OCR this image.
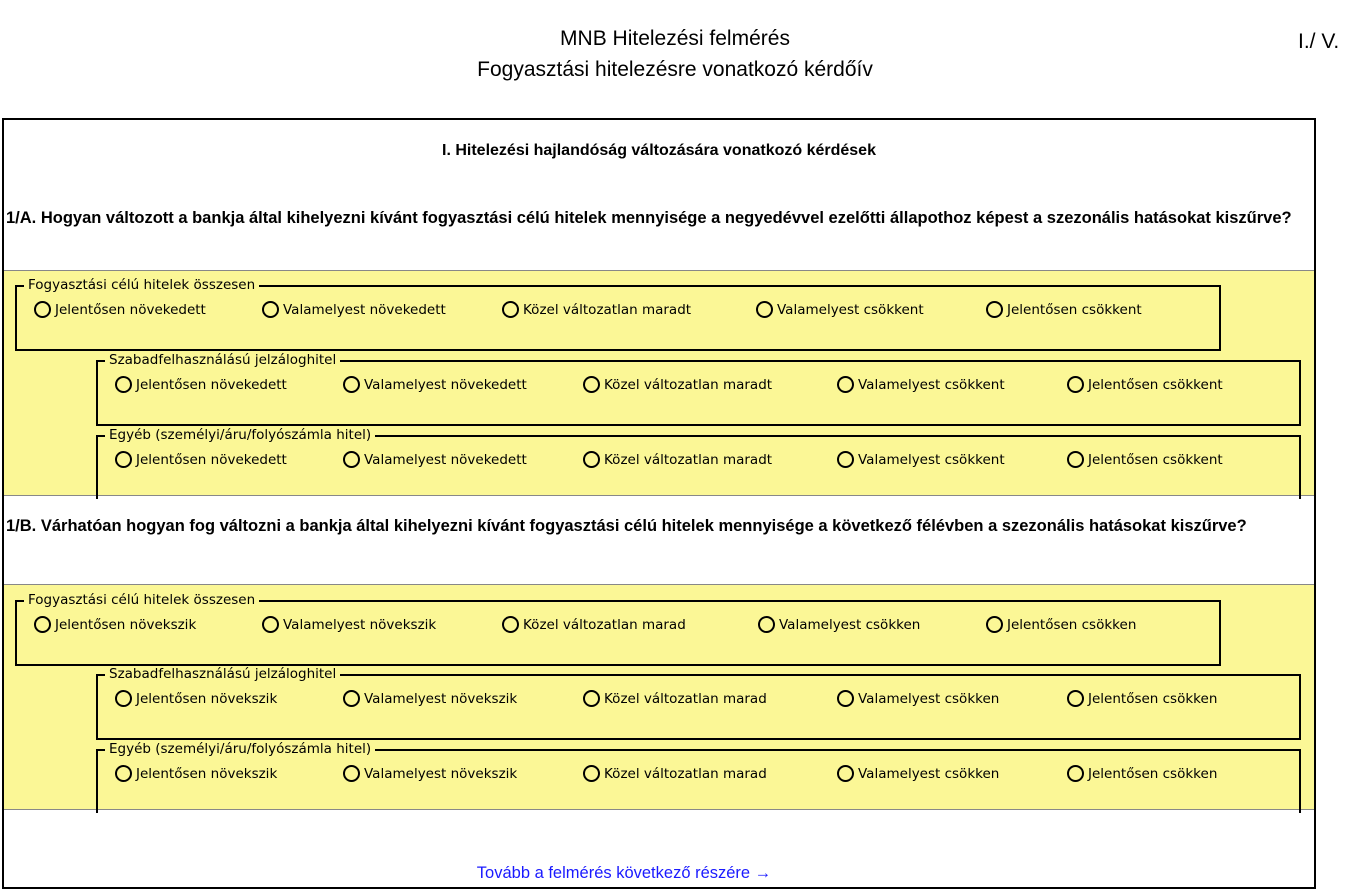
MNB Hitelezési felmérés
Fogyasztási hitelezésre vonatkozó kérdőív
I./ V.
I. Hitelezési hajlandóság változására vonatkozó kérdések
1/A. Hogyan változott a bankja által kihelyezni kívánt fogyasztási célú hitelek mennyisége a negyedévvel ezelőtti állapothoz képest a szezonális hatásokat kiszűrve?
Fogyasztási célú hitelek összesen
Jelentősen növekedett	Valamelyest növekedett	Közel változatlan maradt	Valamelyest csökkent	Jelentősen csökkent
Szabadfelhasználású jelzáloghitel
Jelentősen növekedett	Valamelyest növekedett	Közel változatlan maradt	Valamelyest csökkent	Jelentősen csökkent
Egyéb (személyi/áru/folyószámla hitel)
Jelentősen növekedett	Valamelyest növekedett	Közel változatlan maradt	Valamelyest csökkent	Jelentősen csökkent
1/B. Várhatóan hogyan fog változni a bankja által kihelyezni kívánt fogyasztási célú hitelek mennyisége a következő félévben a szezonális hatásokat kiszűrve?
Fogyasztási célú hitelek összesen
Jelentősen növekszik	Valamelyest növekszik	Közel változatlan marad	Valamelyest csökken	Jelentősen csökken
Szabadfelhasználású jelzáloghitel
Jelentősen növekszik	Valamelyest növekszik	Közel változatlan marad	Valamelyest csökken	Jelentősen csökken
Egyéb (személyi/áru/folyószámla hitel)
Jelentősen növekszik	Valamelyest növekszik	Közel változatlan marad	Valamelyest csökken	Jelentősen csökken
Tovább a felmérés következő részére →
